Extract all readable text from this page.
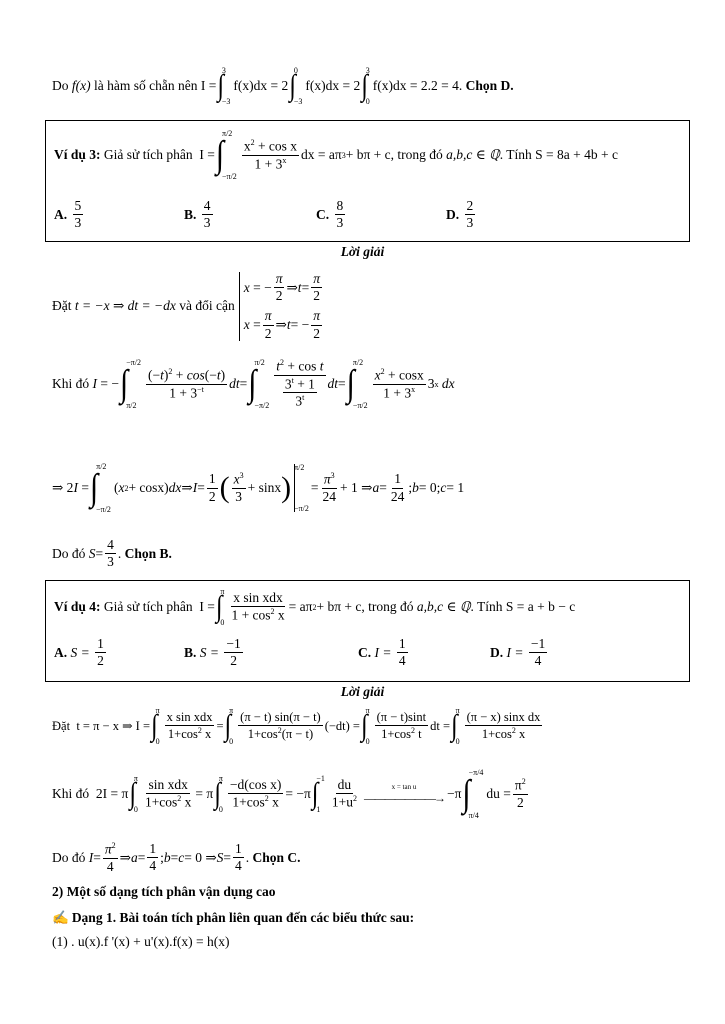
Do
f(x)
là hàm số chẵn nên
I = ∫
3
−3
f(x)dx = 2 ∫
0
−3
f(x)dx = 2 ∫
3
0
f(x)dx = 2.2 = 4.
Chọn D.
Ví dụ 3:
Giả sử tích phân I = ∫
π/2
−π/2
$\frac{x^2 + \cos x}{1 + 3^x}$ dx = aπ 3 + bπ + c , trong đó
a,b,c ∈ ℚ . Tính
S = 8a + 4b + c
A.
$\frac{5}{3}$	B.
$\frac{4}{3}$	C.
$\frac{8}{3}$	D.
$\frac{2}{3}$
Lời giải
Đặt
t = −x ⇒ dt = −dx
và đổi cận
x = − $\frac{\pi}{2}$ ⇒ $t = \frac{\pi}{2}$
$x = \frac{\pi}{2}$ ⇒ t = − $\frac{\pi}{2}$
Khi đó
I = − ∫
−π/2
π/2
$\frac{(-t)^2 + \cos(-t)}{1 + 3^{-t}}$ dt = ∫
π/2
$-\pi/2 \frac{t^2 + \cos t}{\frac{3^t + 1}{3^t}}$ dt = ∫
π/2
−π/2
$\frac{x^2 + \cos x}{1 + 3^x} 3$ x
dx
⇒ 2 I = ∫
π/2
−π/2
( x 2 + cosx) dx ⇒ $I = \frac{1}{2}$ ( $\frac{x^3}{3} + \sin x$ )
π/2
−π/2
= $\frac{\pi^3}{24} + 1$ ⇒ $a = \frac{1}{24}$ ; b = 0; c = 1
Do đó
$S = \frac{4}{3}$ . Chọn B.
Ví dụ 4:
Giả sử tích phân I = ∫
π
$0 \frac{\text{x sin xdx}}{1 + \cos^2 x} = a\pi$ 2 + bπ + c , trong đó
a,b,c ∈ ℚ . Tính
S = a + b − c
A.
S =
$\frac{1}{2}$	B.
S =
$\frac{-1}{2}$	C.
I =
$\frac{1}{4}$	D.
I =
$\frac{-1}{4}$
Lời giải
Đặt t = π − x ⇒ I = ∫
π
0
$\frac{\text{x sin xdx}}{1+\cos^2 x}$ = ∫
π
0
$\frac{(\pi - t) \sin(\pi - t)}{1+\cos^2(\pi - t)} (-dt)$ = ∫
π
0
$\frac{(\pi - t)\sin t}{1+\cos^2 t}$ dt = ∫
π
0
$\frac{\text{(π − x) sinx dx}}{1+\cos^2 x}$
Khi đó 2I = π ∫
π
$0 \frac{\text{sin xdx}}{1+\cos^2 x} = \pi$ ∫
π
$0 \frac{\text{−d(cos x)}}{1+\cos^2 x} = -\pi$ ∫
−1
$1 \frac{du}{1+u^2}$	x = tan u
———————→ −π ∫
−π/4
π/4
du = $\frac{\pi^2}{2}$
Do đó
$I = \frac{\pi^2}{4}$ ⇒ $a = \frac{1}{4}$ ; b = c = 0 ⇒ $S = \frac{1}{4}$ . Chọn C.
2) Một số dạng tích phân vận dụng cao
✍ Dạng 1. Bài toán tích phân liên quan đến các biểu thức sau:
(1) . u(x).f '(x) + u'(x).f(x) = h(x)
